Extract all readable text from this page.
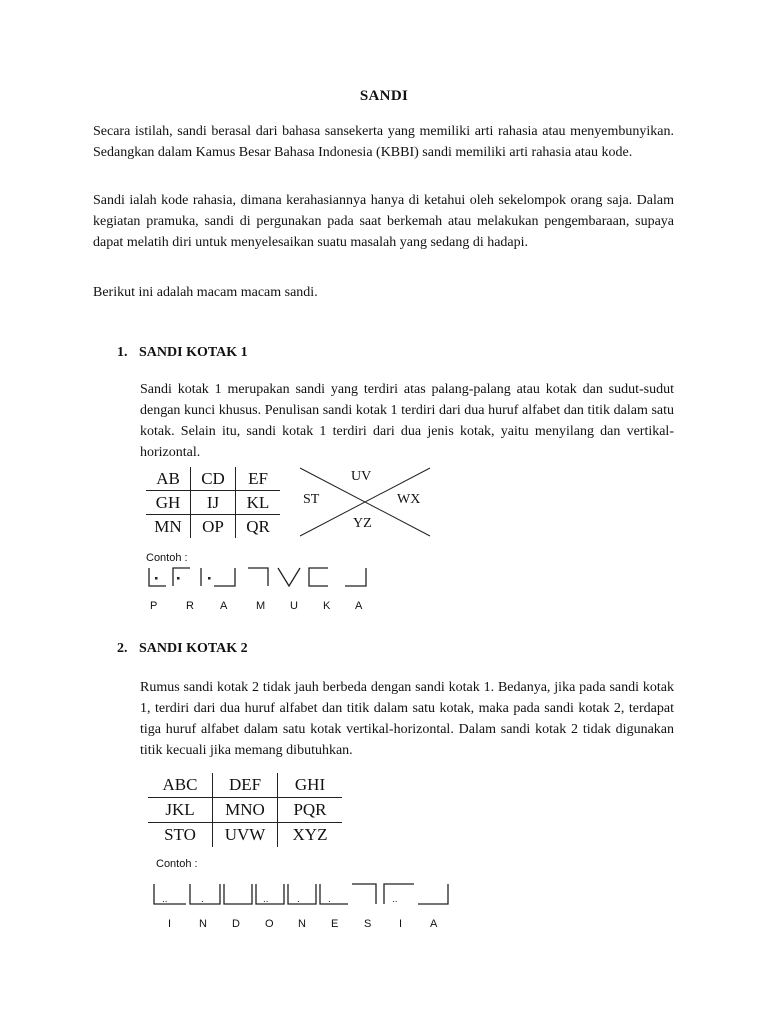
SANDI

Secara istilah, sandi berasal dari bahasa sansekerta yang memiliki arti rahasia atau menyembunyikan. Sedangkan dalam Kamus Besar Bahasa Indonesia (KBBI) sandi memiliki arti rahasia atau kode.

Sandi ialah kode rahasia, dimana kerahasiannya hanya di ketahui oleh sekelompok orang saja. Dalam kegiatan pramuka, sandi di pergunakan pada saat berkemah atau melakukan pengembaraan, supaya dapat melatih diri untuk menyelesaikan suatu masalah yang sedang di hadapi.

Berikut ini adalah macam macam sandi.

1. SANDI KOTAK 1

Sandi kotak 1 merupakan sandi yang terdiri atas palang-palang atau kotak dan sudut-sudut dengan kunci khusus. Penulisan sandi kotak 1 terdiri dari dua huruf alfabet dan titik dalam satu kotak. Selain itu, sandi kotak 1 terdiri dari dua jenis kotak, yaitu menyilang dan vertikal-horizontal.

AB	CD	EF
GH	IJ	KL
MN	OP	QR
UV
ST	WX
YZ
Contoh :
P	R A	M U K A
2. SANDI KOTAK 2

Rumus sandi kotak 2 tidak jauh berbeda dengan sandi kotak 1. Bedanya, jika pada sandi kotak 1, terdiri dari dua huruf alfabet dan titik dalam satu kotak, maka pada sandi kotak 2, terdapat tiga huruf alfabet dalam satu kotak vertikal-horizontal. Dalam sandi kotak 2 tidak digunakan titik kecuali jika memang dibutuhkan.

ABC	DEF	GHI
JKL	MNO	PQR
STO	UVW	XYZ
Contoh :
..	.	..	.	.	..
I	N D O N E S	I	A
